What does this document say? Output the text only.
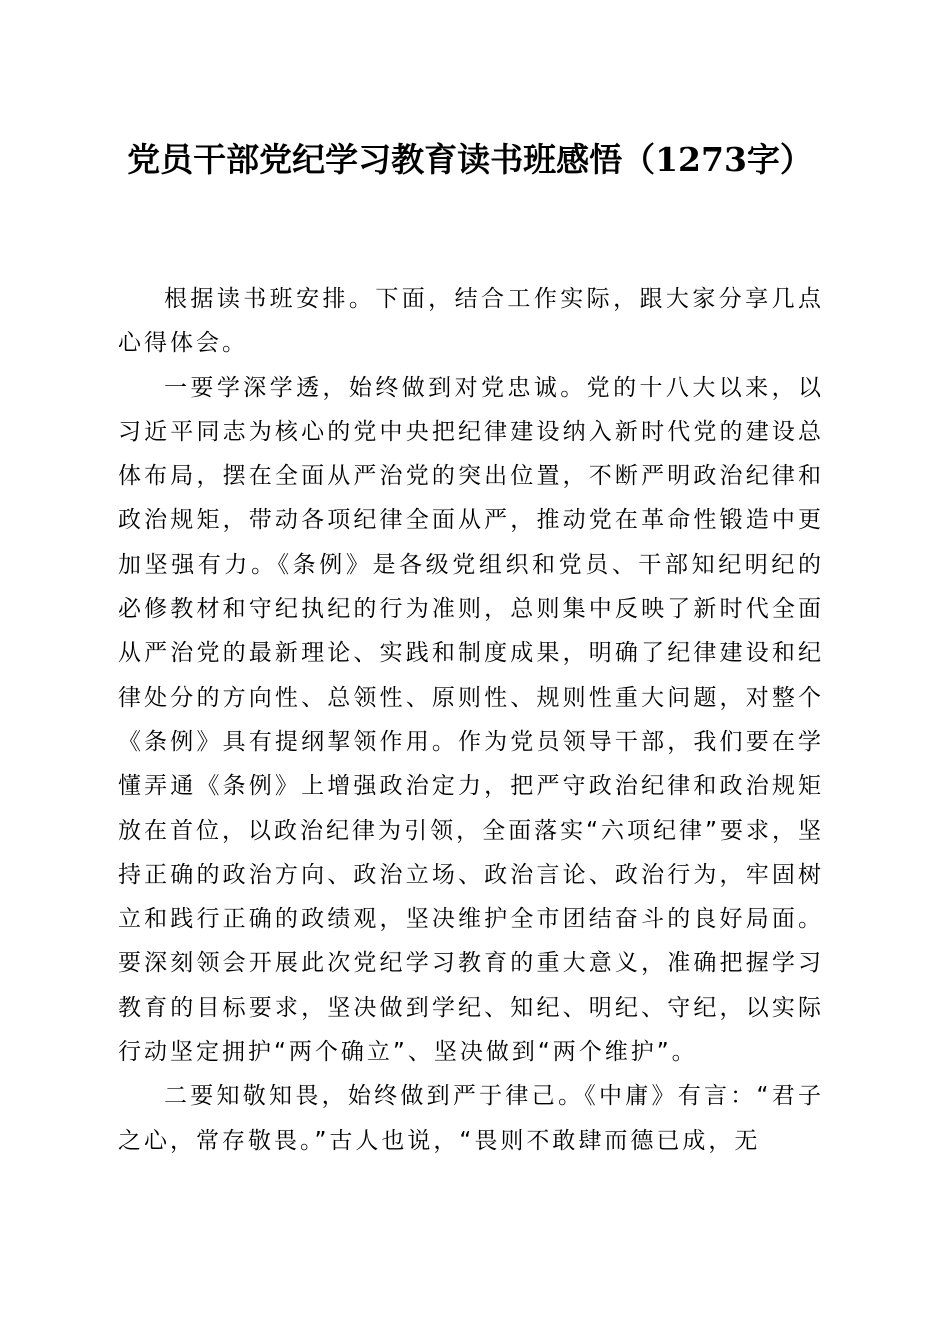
党员干部党纪学习教育读书班感悟（1273字）

根据读书班安排。下面，结合工作实际，跟大家分享几点心得体会。

一要学深学透，始终做到对党忠诚。党的十八大以来，以习近平同志为核心的党中央把纪律建设纳入新时代党的建设总体布局，摆在全面从严治党的突出位置，不断严明政治纪律和政治规矩，带动各项纪律全面从严，推动党在革命性锻造中更加坚强有力。《条例》是各级党组织和党员、干部知纪明纪的必修教材和守纪执纪的行为准则，总则集中反映了新时代全面从严治党的最新理论、实践和制度成果，明确了纪律建设和纪律处分的方向性、总领性、原则性、规则性重大问题，对整个《条例》具有提纲挈领作用。作为党员领导干部，我们要在学懂弄通《条例》上增强政治定力，把严守政治纪律和政治规矩放在首位，以政治纪律为引领，全面落实“六项纪律”要求，坚持正确的政治方向、政治立场、政治言论、政治行为，牢固树立和践行正确的政绩观，坚决维护全市团结奋斗的良好局面。要深刻领会开展此次党纪学习教育的重大意义，准确把握学习教育的目标要求，坚决做到学纪、知纪、明纪、守纪，以实际行动坚定拥护“两个确立”、坚决做到“两个维护”。

二要知敬知畏，始终做到严于律己。《中庸》有言：“君子之心，常存敬畏。”古人也说，“畏则不敢肆而德已成，无
